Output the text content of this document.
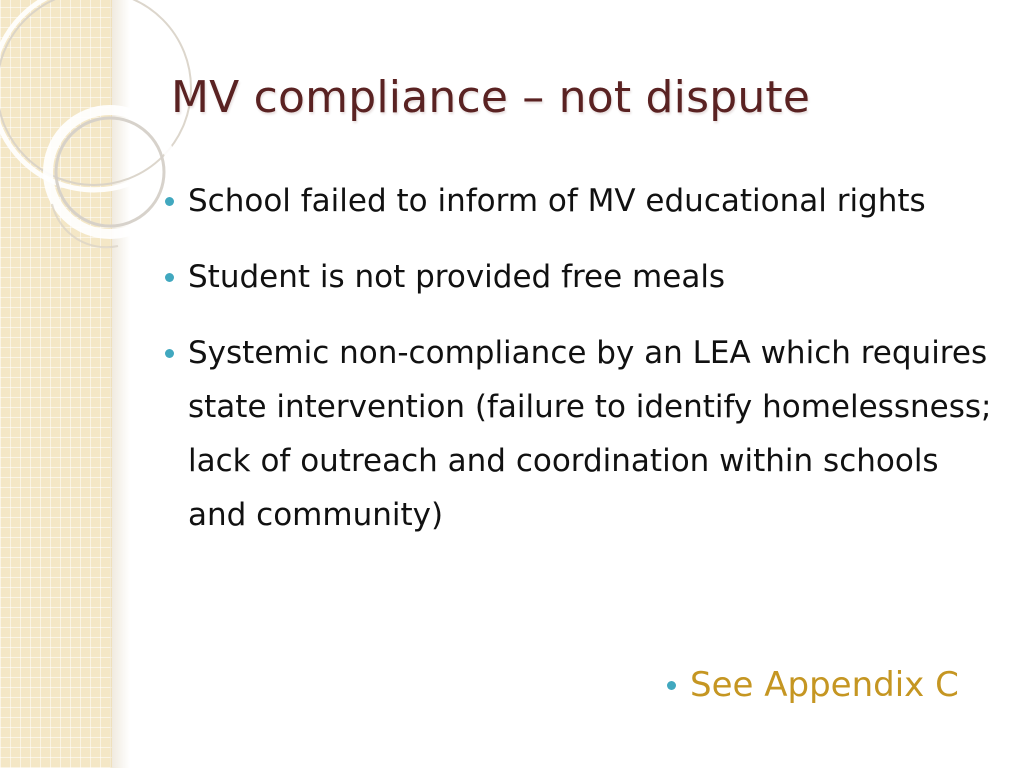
MV compliance – not dispute
School failed to inform of MV educational rights
Student is not provided free meals
Systemic non-compliance by an LEA which requires state intervention (failure to identify homelessness; lack of outreach and coordination within schools and community)
See Appendix C
